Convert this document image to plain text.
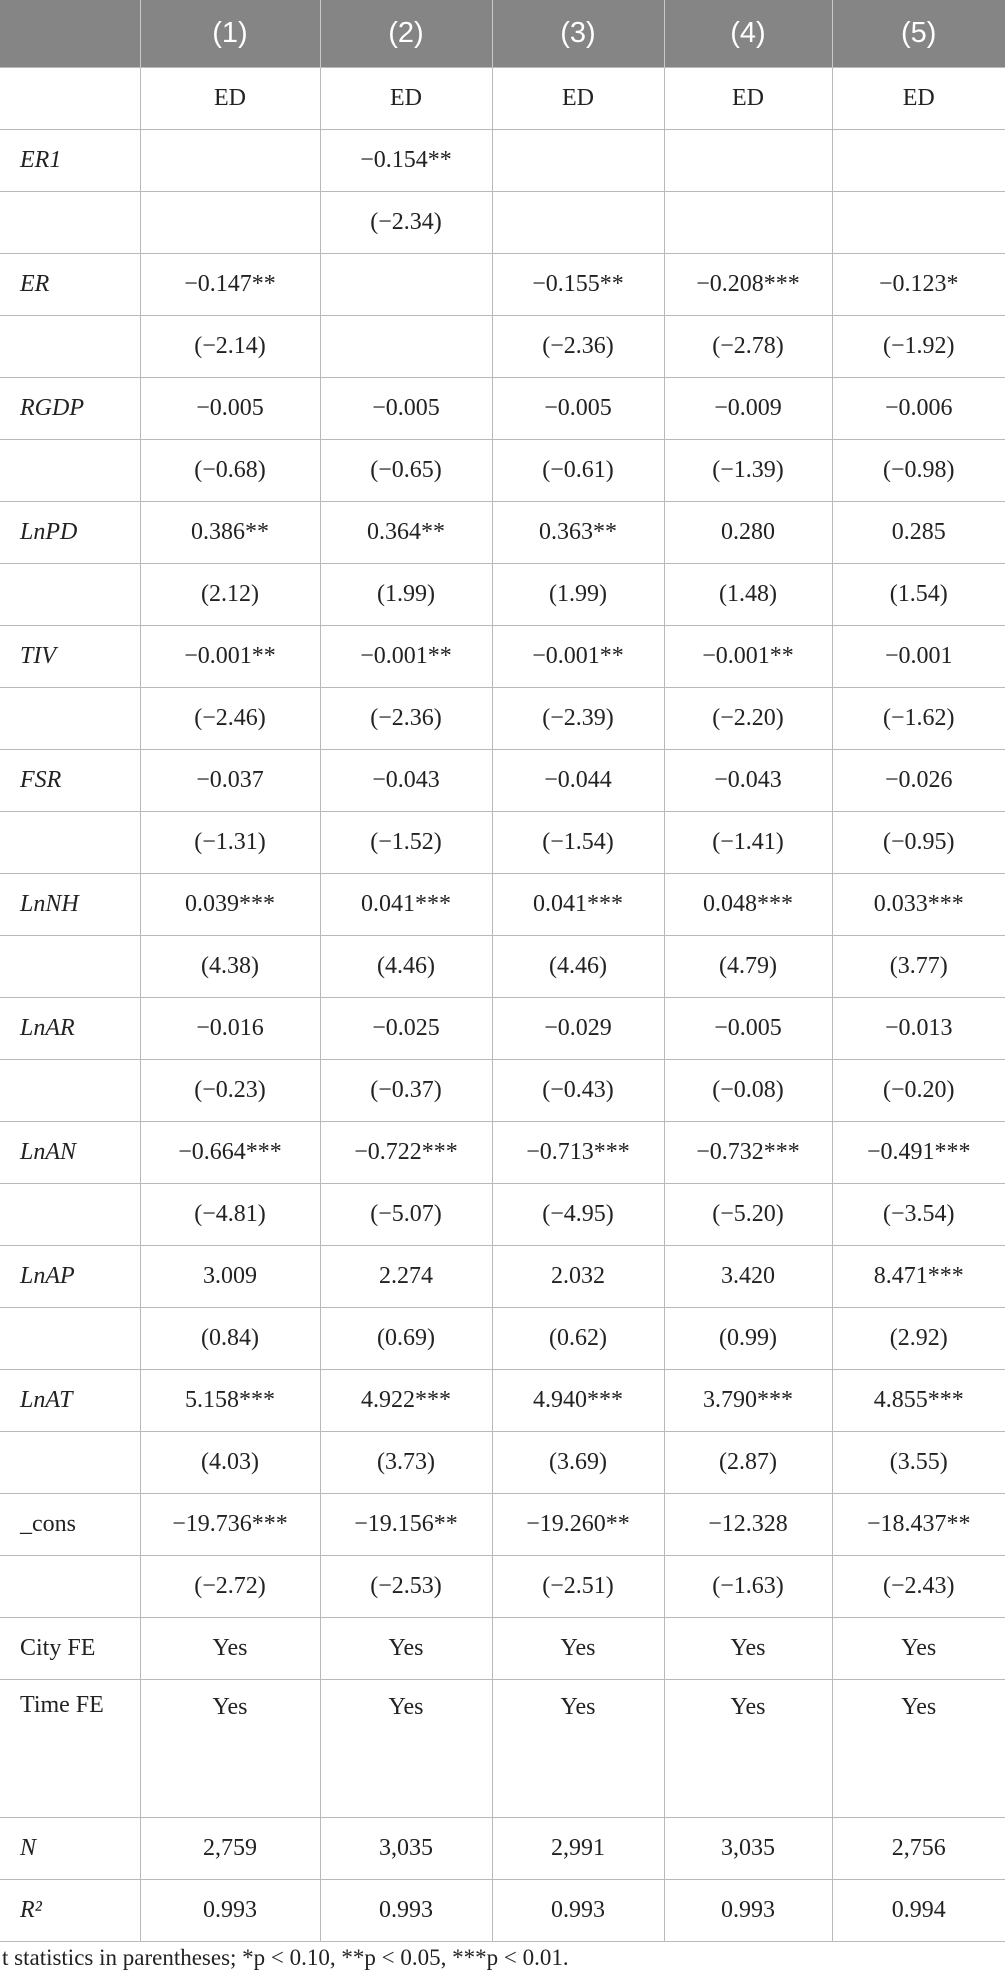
	(1)	(2)	(3)	(4)	(5)
	ED	ED	ED	ED	ED
ER1		−0.154**			
		(−2.34)			
ER	−0.147**		−0.155**	−0.208***	−0.123*
	(−2.14)		(−2.36)	(−2.78)	(−1.92)
RGDP	−0.005	−0.005	−0.005	−0.009	−0.006
	(−0.68)	(−0.65)	(−0.61)	(−1.39)	(−0.98)
LnPD	0.386**	0.364**	0.363**	0.280	0.285
	(2.12)	(1.99)	(1.99)	(1.48)	(1.54)
TIV	−0.001**	−0.001**	−0.001**	−0.001**	−0.001
	(−2.46)	(−2.36)	(−2.39)	(−2.20)	(−1.62)
FSR	−0.037	−0.043	−0.044	−0.043	−0.026
	(−1.31)	(−1.52)	(−1.54)	(−1.41)	(−0.95)
LnNH	0.039***	0.041***	0.041***	0.048***	0.033***
	(4.38)	(4.46)	(4.46)	(4.79)	(3.77)
LnAR	−0.016	−0.025	−0.029	−0.005	−0.013
	(−0.23)	(−0.37)	(−0.43)	(−0.08)	(−0.20)
LnAN	−0.664***	−0.722***	−0.713***	−0.732***	−0.491***
	(−4.81)	(−5.07)	(−4.95)	(−5.20)	(−3.54)
LnAP	3.009	2.274	2.032	3.420	8.471***
	(0.84)	(0.69)	(0.62)	(0.99)	(2.92)
LnAT	5.158***	4.922***	4.940***	3.790***	4.855***
	(4.03)	(3.73)	(3.69)	(2.87)	(3.55)
_cons	−19.736***	−19.156**	−19.260**	−12.328	−18.437**
	(−2.72)	(−2.53)	(−2.51)	(−1.63)	(−2.43)
City FE	Yes	Yes	Yes	Yes	Yes
Time FE	Yes	Yes	Yes	Yes	Yes
N	2,759	3,035	2,991	3,035	2,756
R²	0.993	0.993	0.993	0.993	0.994
t statistics in parentheses; *p < 0.10, **p < 0.05, ***p < 0.01.
